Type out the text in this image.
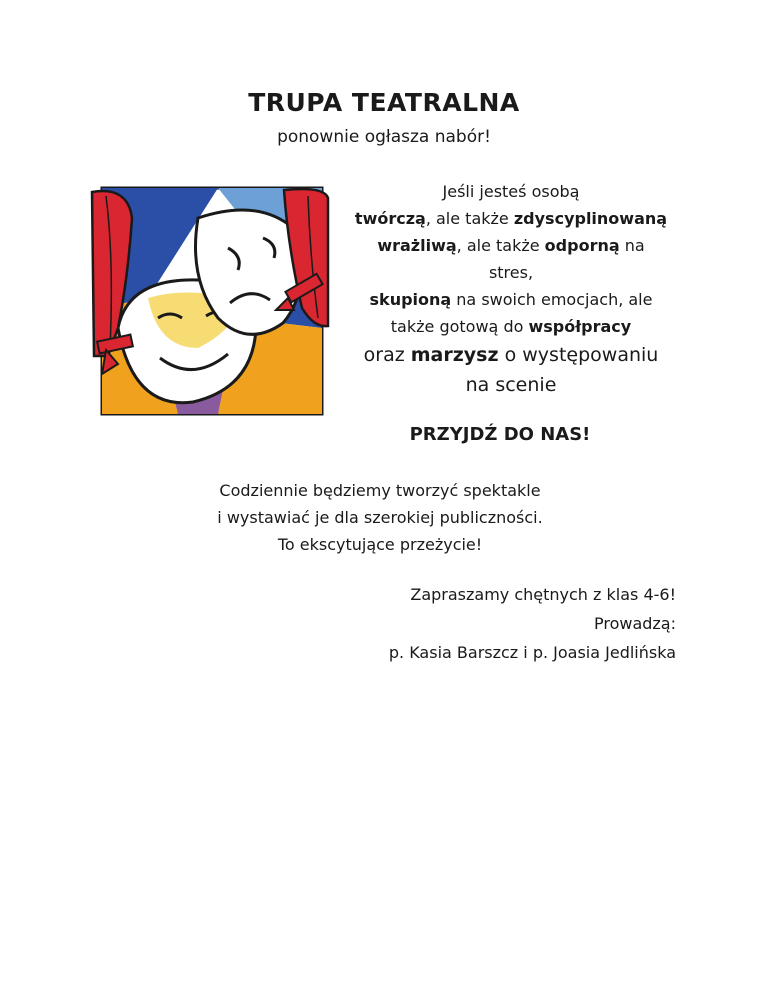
TRUPA TEATRALNA

ponownie ogłasza nabór!

Jeśli jesteś osobą
twórczą, ale także zdyscyplinowaną
wrażliwą, ale także odporną na
stres,
skupioną na swoich emocjach, ale
także gotową do współpracy
oraz marzysz o występowaniu
na scenie

PRZYJDŹ DO NAS!

Codziennie będziemy tworzyć spektakle
i wystawiać je dla szerokiej publiczności.
To ekscytujące przeżycie!

Zapraszamy chętnych z klas 4-6!
Prowadzą:
p. Kasia Barszcz i p. Joasia Jedlińska
